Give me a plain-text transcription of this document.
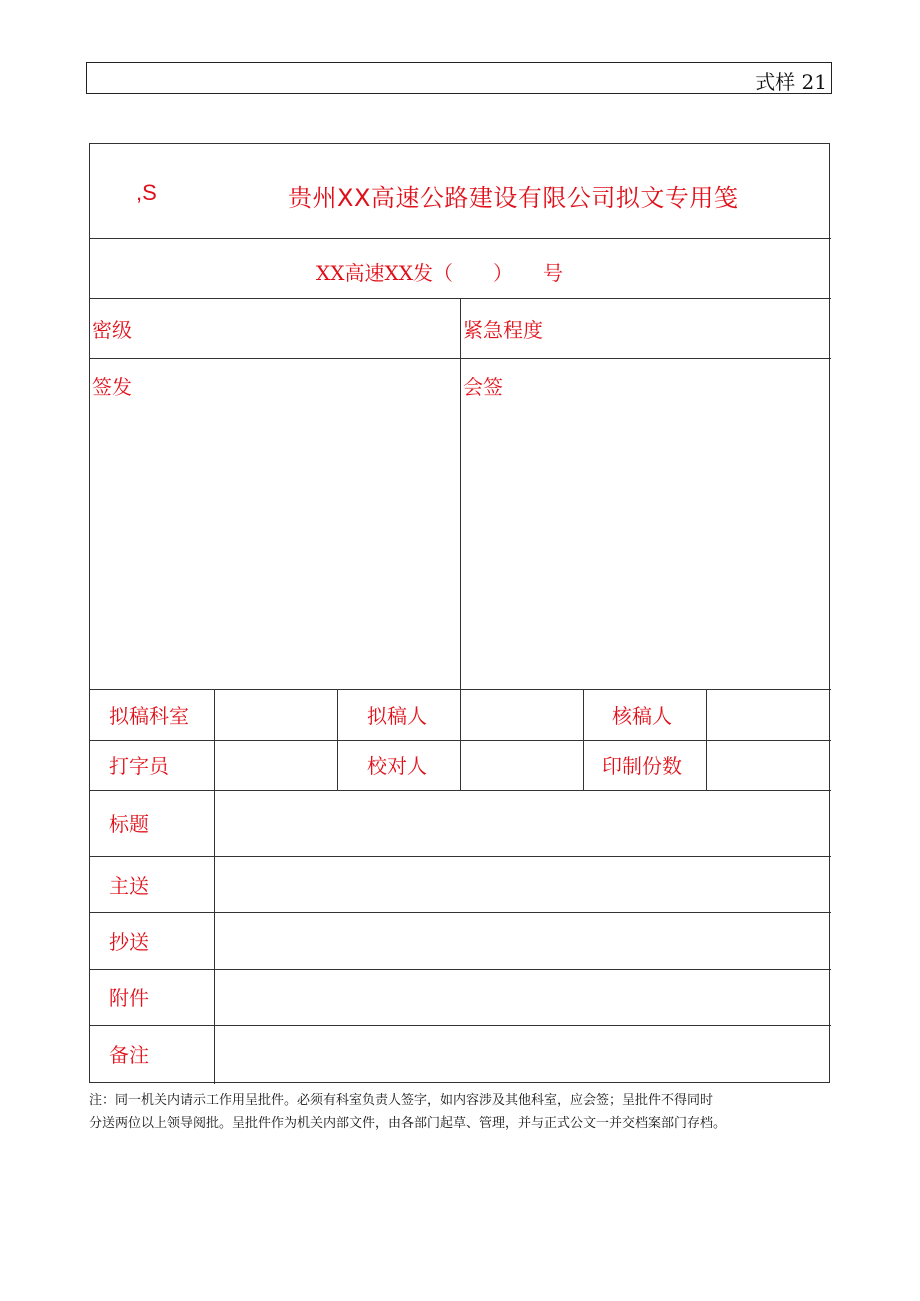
式样 21
,S	贵州XX高速公路建设有限公司拟文专用笺
XX高速XX发（　　）　　号
密级	紧急程度
签发	会签
拟稿科室	拟稿人	核稿人
打字员	校对人	印制份数
标题
主送
抄送
附件
备注
注：同一机关内请示工作用呈批件。必须有科室负责人签字，如内容涉及其他科室，应会签；呈批件不得同时
分送两位以上领导阅批。呈批件作为机关内部文件，由各部门起草、管理，并与正式公文一并交档案部门存档。
